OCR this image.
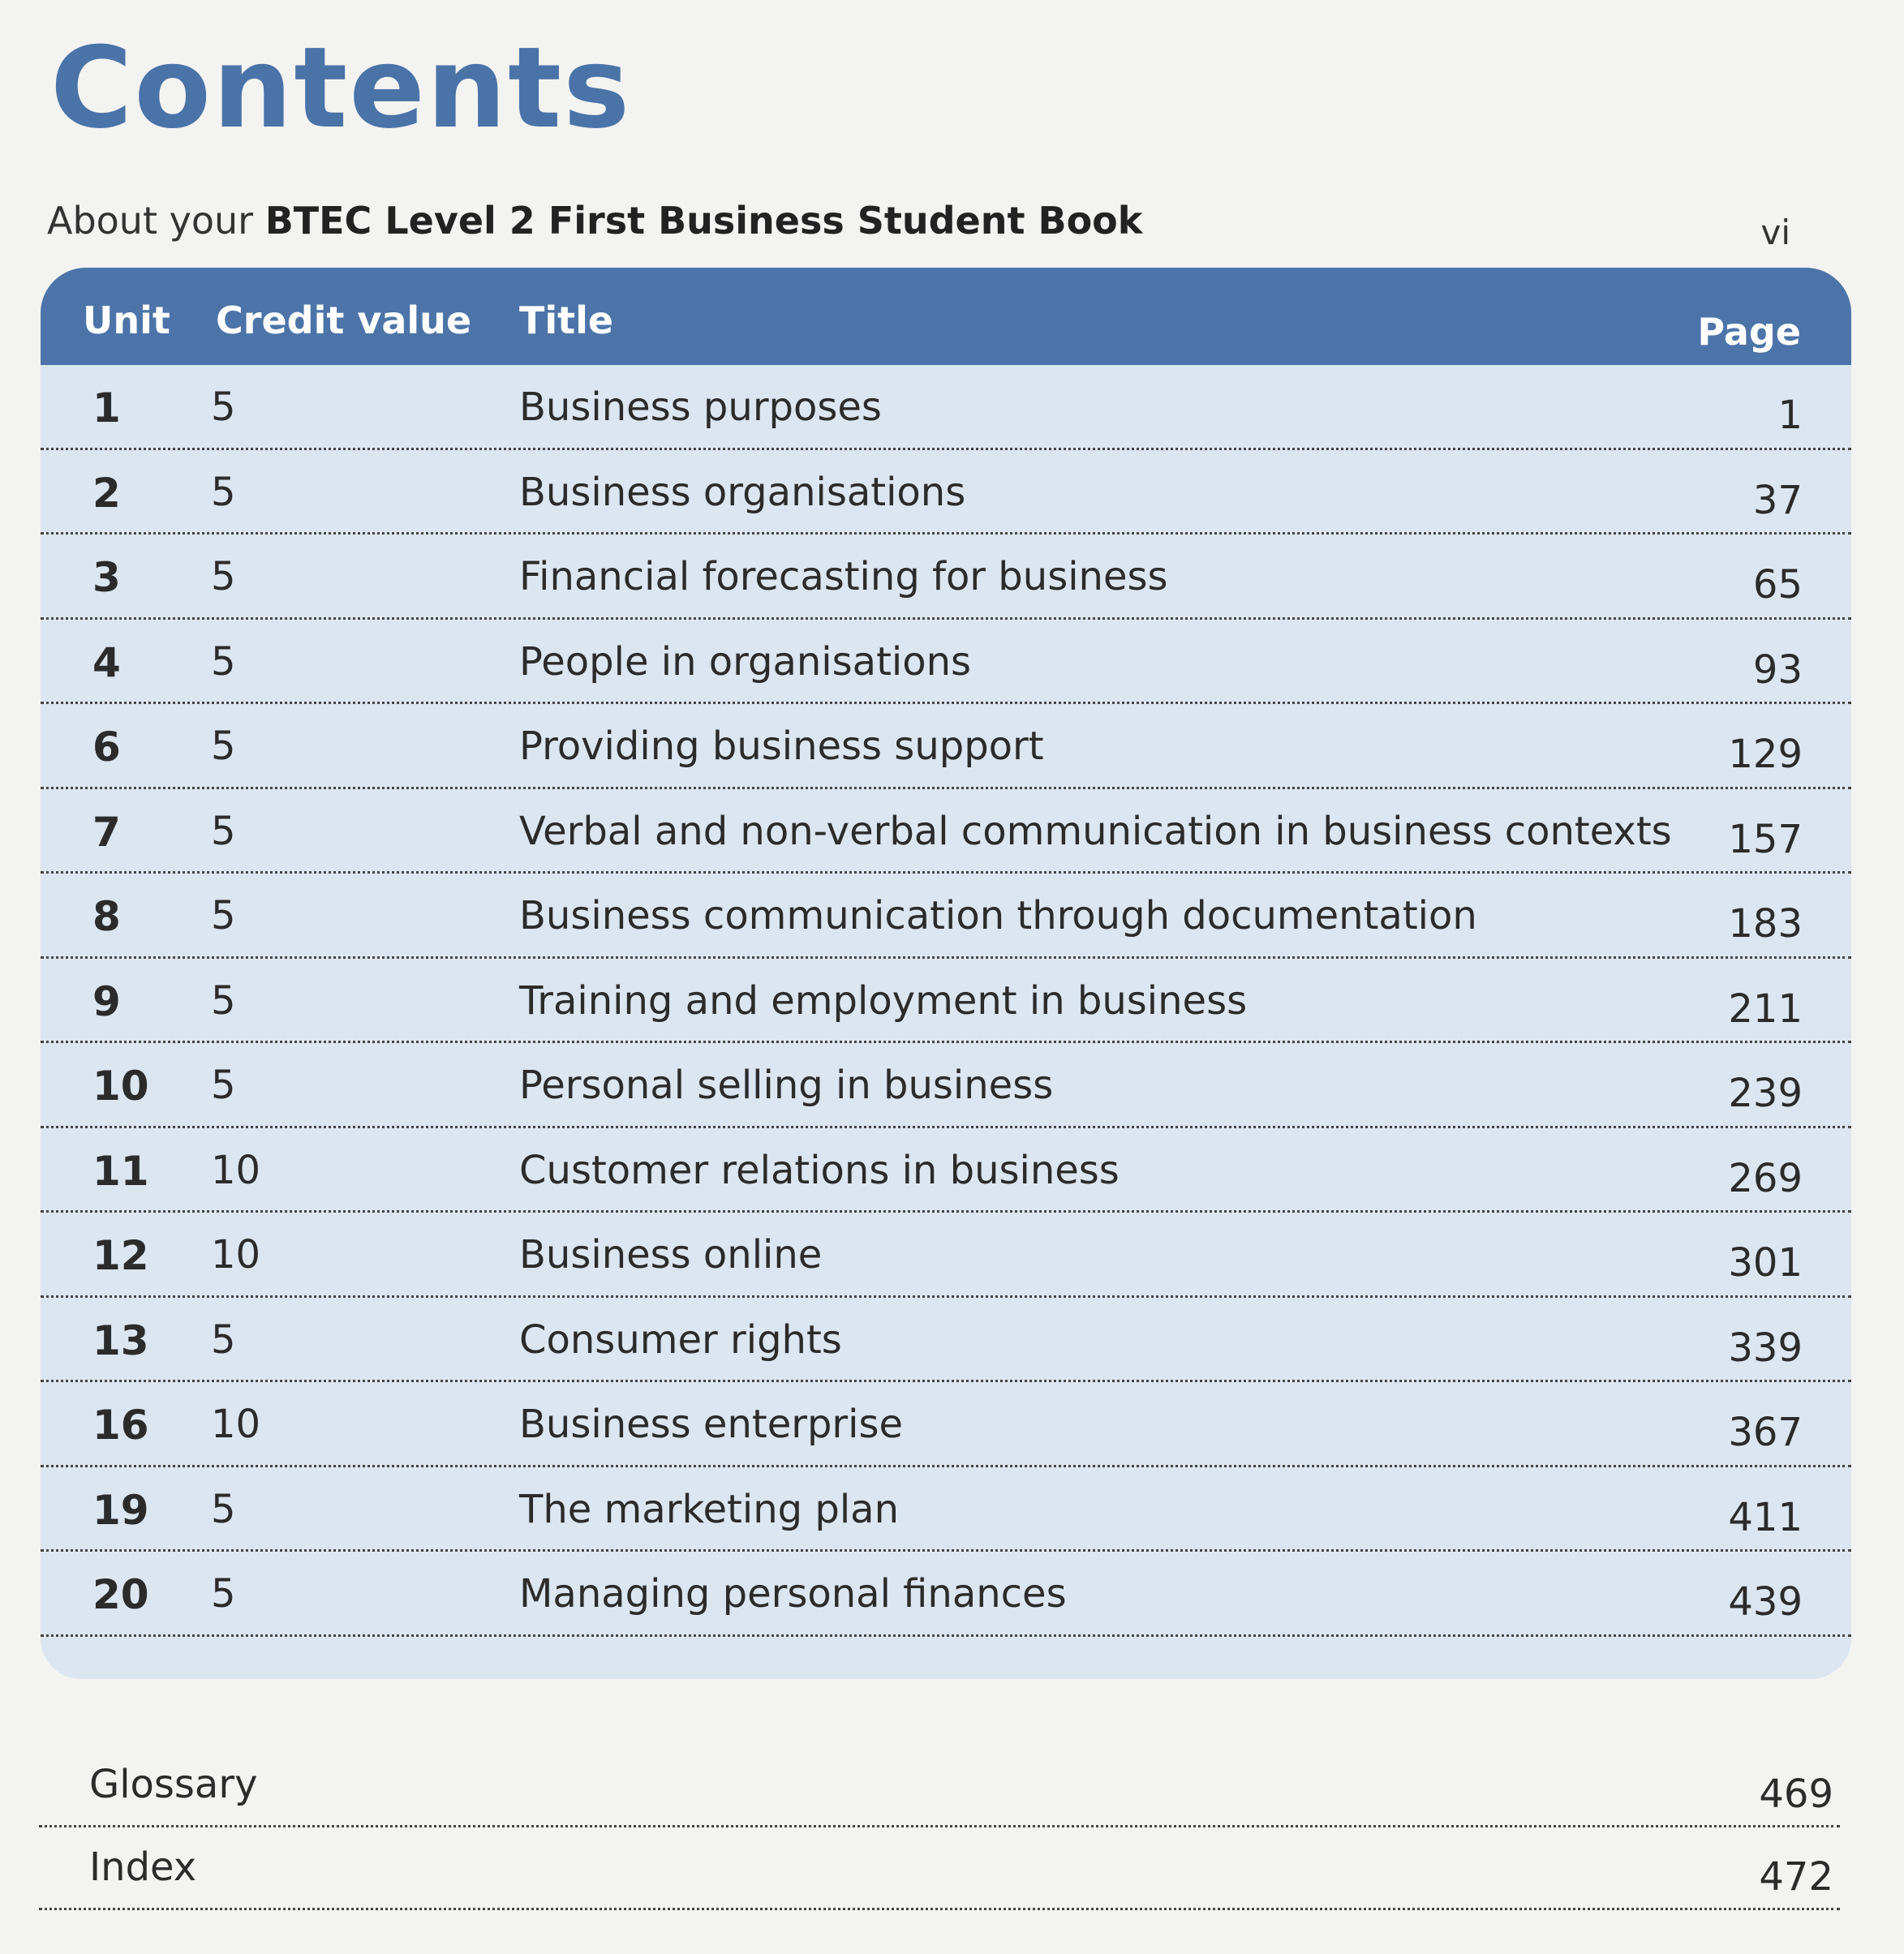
Contents
About your BTEC Level 2 First Business Student Book	vi
Unit Credit value Title	Page
1 5	Business purposes	1
2 5	Business organisations	37
3 5	Financial forecasting for business	65
4 5	People in organisations	93
6 5	Providing business support	129
7 5	Verbal and non-verbal communication in business contexts 157
8 5	Business communication through documentation	183
9 5	Training and employment in business	211
10 5	Personal selling in business	239
11 10	Customer relations in business	269
12 10	Business online	301
13 5	Consumer rights	339
16 10	Business enterprise	367
19 5	The marketing plan	411
20 5	Managing personal finances	439
Glossary	469
Index	472
